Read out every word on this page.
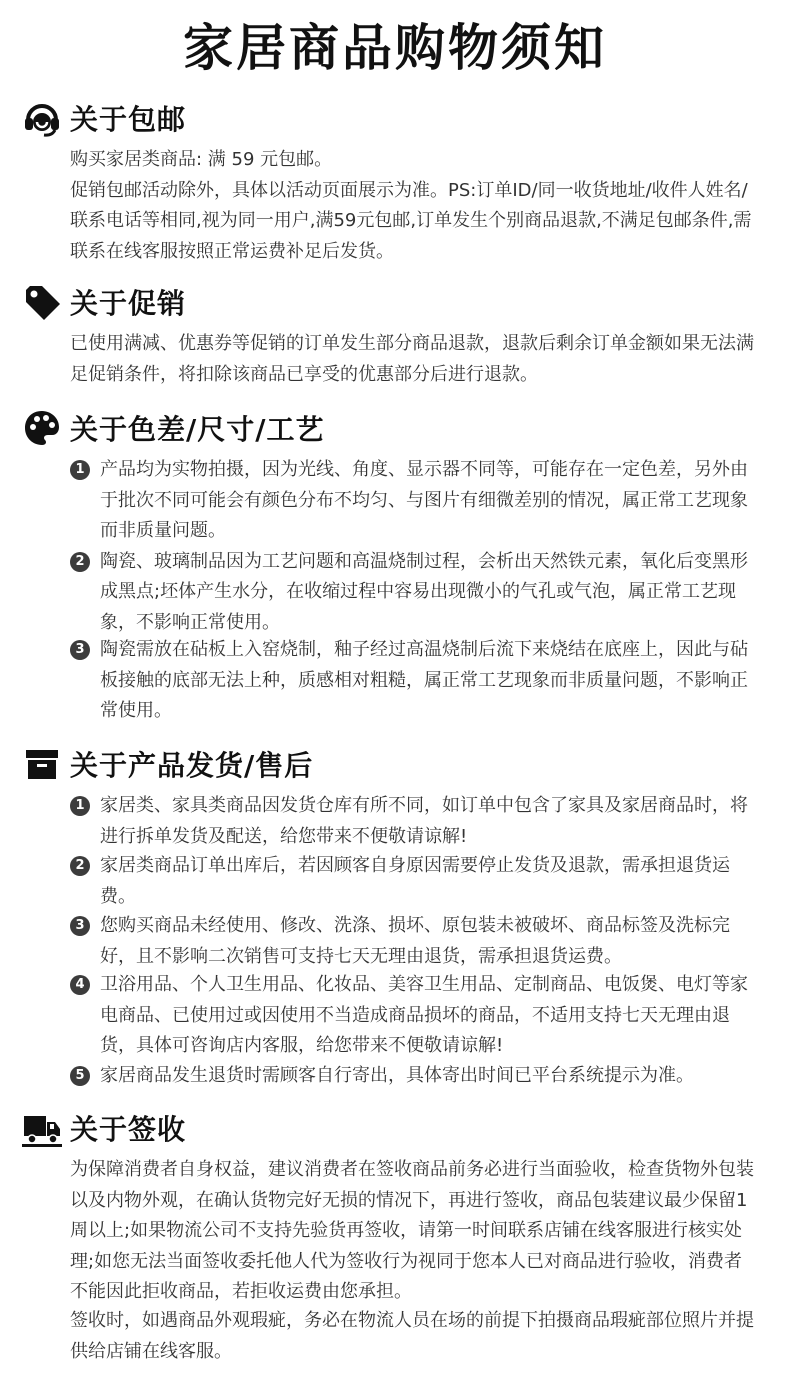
家居商品购物须知
关于包邮

购买家居类商品: 满 59 元包邮。

促销包邮活动除外，具体以活动页面展示为准。PS:订单ID/同一收货地址/收件人姓名/联系电话等相同,视为同一用户,满59元包邮,订单发生个别商品退款,不满足包邮条件,需联系在线客服按照正常运费补足后发货。

关于促销

已使用满减、优惠券等促销的订单发生部分商品退款，退款后剩余订单金额如果无法满足促销条件，将扣除该商品已享受的优惠部分后进行退款。

关于色差/尺寸/工艺
1 产品均为实物拍摄，因为光线、角度、显示器不同等，可能存在一定色差，另外由于批次不同可能会有颜色分布不均匀、与图片有细微差别的情况，属正常工艺现象而非质量问题。
2 陶瓷、玻璃制品因为工艺问题和高温烧制过程，会析出天然铁元素，氧化后变黑形成黑点;坯体产生水分，在收缩过程中容易出现微小的气孔或气泡，属正常工艺现象，不影响正常使用。
3 陶瓷需放在砧板上入窑烧制，釉子经过高温烧制后流下来烧结在底座上，因此与砧板接触的底部无法上种，质感相对粗糙，属正常工艺现象而非质量问题，不影响正常使用。
关于产品发货/售后
1 家居类、家具类商品因发货仓库有所不同，如订单中包含了家具及家居商品时，将进行拆单发货及配送，给您带来不便敬请谅解!
2 家居类商品订单出库后，若因顾客自身原因需要停止发货及退款，需承担退货运费。
3 您购买商品未经使用、修改、洗涤、损坏、原包装未被破坏、商品标签及洗标完好，且不影响二次销售可支持七天无理由退货，需承担退货运费。
4 卫浴用品、个人卫生用品、化妆品、美容卫生用品、定制商品、电饭煲、电灯等家电商品、已使用过或因使用不当造成商品损坏的商品，不适用支持七天无理由退货，具体可咨询店内客服，给您带来不便敬请谅解!
5 家居商品发生退货时需顾客自行寄出，具体寄出时间已平台系统提示为准。
关于签收

为保障消费者自身权益，建议消费者在签收商品前务必进行当面验收，检查货物外包装以及内物外观，在确认货物完好无损的情况下，再进行签收，商品包装建议最少保留1周以上;如果物流公司不支持先验货再签收，请第一时间联系店铺在线客服进行核实处理;如您无法当面签收委托他人代为签收行为视同于您本人已对商品进行验收，消费者不能因此拒收商品，若拒收运费由您承担。

签收时，如遇商品外观瑕疵，务必在物流人员在场的前提下拍摄商品瑕疵部位照片并提供给店铺在线客服。
